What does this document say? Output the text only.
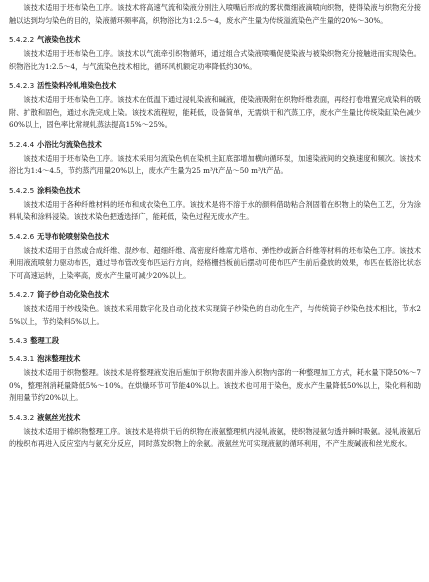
该技术适用于坯布染色工序。该技术将高速气流和染液分别注入喷嘴后形成的雾状微细液滴喷向织物，使得染液与织物充分接触以达到均匀染色的目的，染液循环频率高，织物浴比为1:2.5～4，废水产生量为传统溢流染色产生量的20%～30%。

5.4.2.2 气液染色技术

该技术适用于坯布染色工序。该技术以气流牵引织物循环，通过组合式染液喷嘴促使染液与被染织物充分接触进而实现染色。织物浴比为1:2.5～4，与气流染色技术相比，循环风机额定功率降低约30%。

5.4.2.3 活性染料冷轧堆染色技术

该技术适用于坯布染色工序。该技术在低温下通过浸轧染液和碱液，使染液吸附在织物纤维表面，再经打卷堆置完成染料的吸附、扩散和固色，通过水洗完成上染。该技术流程短，能耗低，设备简单，无需烘干和汽蒸工序，废水产生量比传统染缸染色减少60%以上，固色率比常规轧蒸法提高15%～25%。

5.2.4.4 小浴比匀流染色技术

该技术适用于坯布染色工序。该技术采用匀流染色机在染机主缸底部增加横向循环泵，加速染液间的交换速度和频次。该技术浴比为1:4～4.5，节约蒸汽用量20%以上，废水产生量为25 m³/t产品～50 m³/t产品。

5.4.2.5 涂料染色技术

该技术适用于各种纤维材料的坯布和成衣染色工序。该技术是将不溶于水的颜料借助粘合剂固着在织物上的染色工艺，分为涂料轧染和涂料浸染。该技术染色把透选择广，能耗低，染色过程无废水产生。

5.4.2.6 无导布轮喷射染色技术

该技术适用于自然或合成纤维、混纱布、超细纤维、高密度纤维席尤塔布、弹性纱或新合纤维等材料的坯布染色工序。该技术利用液流喷射力驱动布匹，通过导布管改变布匹运行方向，经格栅挡板前后摆动可使布匹产生前后叠放的效果，布匹在低浴比状态下可高速运转，上染率高，废水产生量可减少20%以上。

5.4.2.7 筒子纱自动化染色技术

该技术适用于纱线染色。该技术采用数字化及自动化技术实现筒子纱染色的自动化生产，与传统筒子纱染色技术相比，节水25%以上，节约染料5%以上。

5.4.3 整理工段
5.4.3.1 泡沫整理技术

该技术适用于织物整理。该技术是将整理液发泡后施加于织物表面并渗入织物内部的一种整理加工方式，耗水量下降50%～70%，整理剂消耗量降低5%～10%。在烘燥环节可节能40%以上。该技术也可用于染色，废水产生量降低50%以上，染化料和助剂用量节约20%以上。

5.4.3.2 液氨丝光技术

该技术适用于棉织物整理工序。该技术是将烘干后的织物在液氨整理机内浸轧液氨，使织物浸氨匀透并瞬时吸氨。浸轧液氨后的梭织布再进入反应室内与氨充分反应，同时蒸发织物上的余氨。液氨丝光可实现液氨的循环利用，不产生废碱液和丝光废水。
